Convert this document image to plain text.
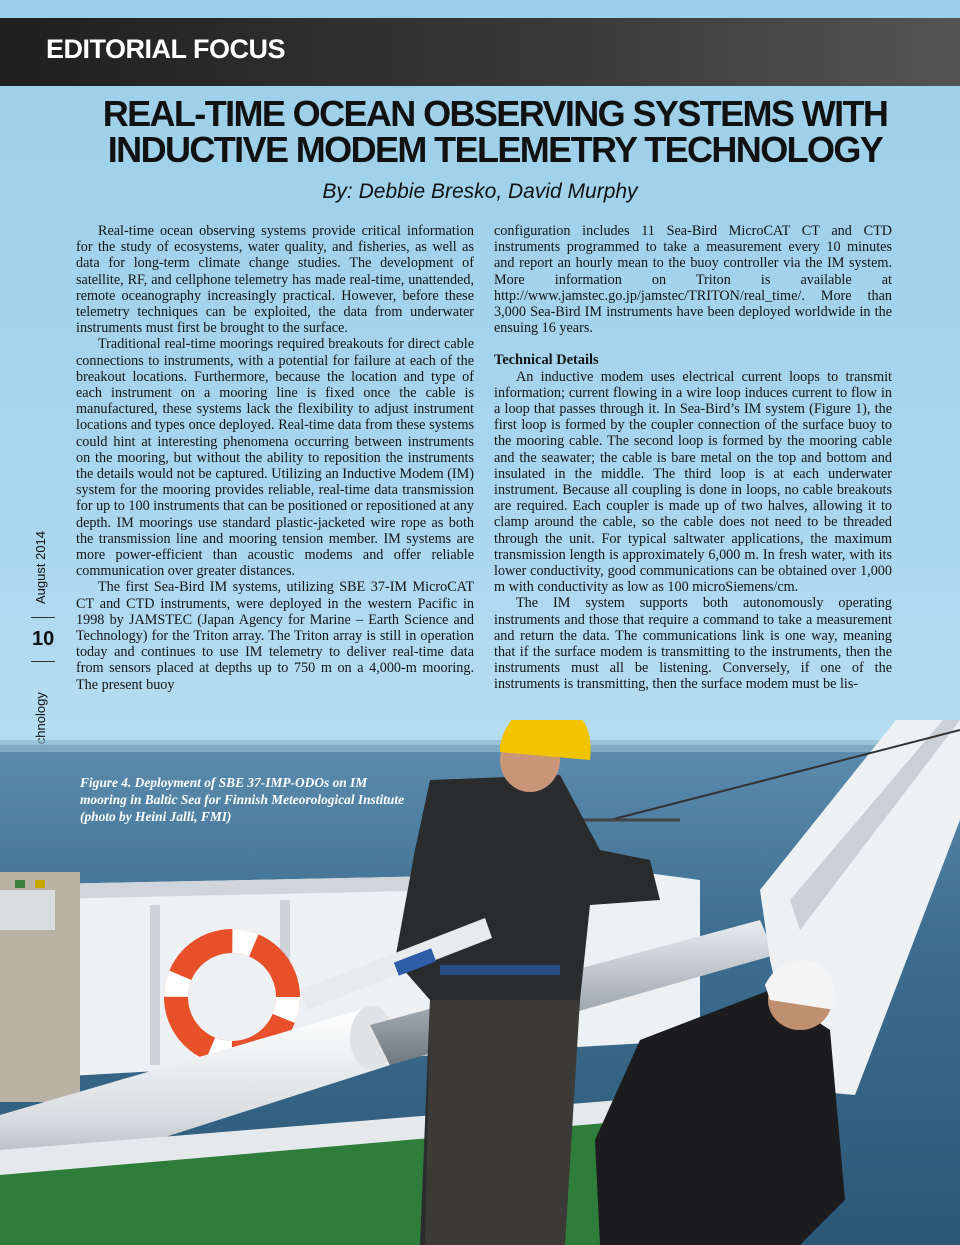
EDITORIAL FOCUS
REAL-TIME OCEAN OBSERVING SYSTEMS WITH
INDUCTIVE MODEM TELEMETRY TECHNOLOGY
By: Debbie Bresko, David Murphy
August 2014
10
Figure 4. Deployment of SBE 37-IMP-ODOs on IM mooring in Baltic Sea for Finnish Meteorological Institute (photo by Heini Jalli, FMI)

Real-time ocean observing systems provide critical information for the study of ecosystems, water quality, and fisheries, as well as data for long-term climate change studies. The development of satellite, RF, and cellphone telemetry has made real-time, unattended, remote oceanography increasingly practical. However, before these telemetry techniques can be exploited, the data from underwater instruments must first be brought to the surface.

Traditional real-time moorings required breakouts for direct cable connections to instruments, with a potential for failure at each of the breakout locations. Furthermore, because the location and type of each instrument on a mooring line is fixed once the cable is manufactured, these systems lack the flexibility to adjust instrument locations and types once deployed. Real-time data from these systems could hint at interesting phenomena occurring between instruments on the mooring, but without the ability to reposition the instruments the details would not be captured. Utilizing an Inductive Modem (IM) system for the mooring provides reliable, real-time data transmission for up to 100 instruments that can be positioned or repositioned at any depth. IM moorings use standard plastic-jacketed wire rope as both the transmission line and mooring tension member. IM systems are more power-efficient than acoustic modems and offer reliable communication over greater distances.

The first Sea-Bird IM systems, utilizing SBE 37-IM MicroCAT CT and CTD instruments, were deployed in the western Pacific in 1998 by JAMSTEC (Japan Agency for Marine – Earth Science and Technology) for the Triton array. The Triton array is still in operation today and continues to use IM telemetry to deliver real-time data from sensors placed at depths up to 750 m on a 4,000-m mooring. The present buoy

configuration includes 11 Sea-Bird MicroCAT CT and CTD instruments programmed to take a measurement every 10 minutes and report an hourly mean to the buoy controller via the IM system. More information on Triton is available at http://www.jamstec.go.jp/jamstec/TRITON/real_time/. More than 3,000 Sea-Bird IM instruments have been deployed worldwide in the ensuing 16 years.

Technical Details

An inductive modem uses electrical current loops to transmit information; current flowing in a wire loop induces current to flow in a loop that passes through it. In Sea-Bird’s IM system (Figure 1), the first loop is formed by the coupler connection of the surface buoy to the mooring cable. The second loop is formed by the mooring cable and the seawater; the cable is bare metal on the top and bottom and insulated in the middle. The third loop is at each underwater instrument. Because all coupling is done in loops, no cable breakouts are required. Each coupler is made up of two halves, allowing it to clamp around the cable, so the cable does not need to be threaded through the unit. For typical saltwater applications, the maximum transmission length is approximately 6,000 m. In fresh water, with its lower conductivity, good communications can be obtained over 1,000 m with conductivity as low as 100 microSiemens/cm.

The IM system supports both autonomously operating instruments and those that require a command to take a measurement and return the data. The communications link is one way, meaning that if the surface modem is transmitting to the instruments, then the instruments must all be listening. Conversely, if one of the instruments is transmitting, then the surface modem must be lis-
